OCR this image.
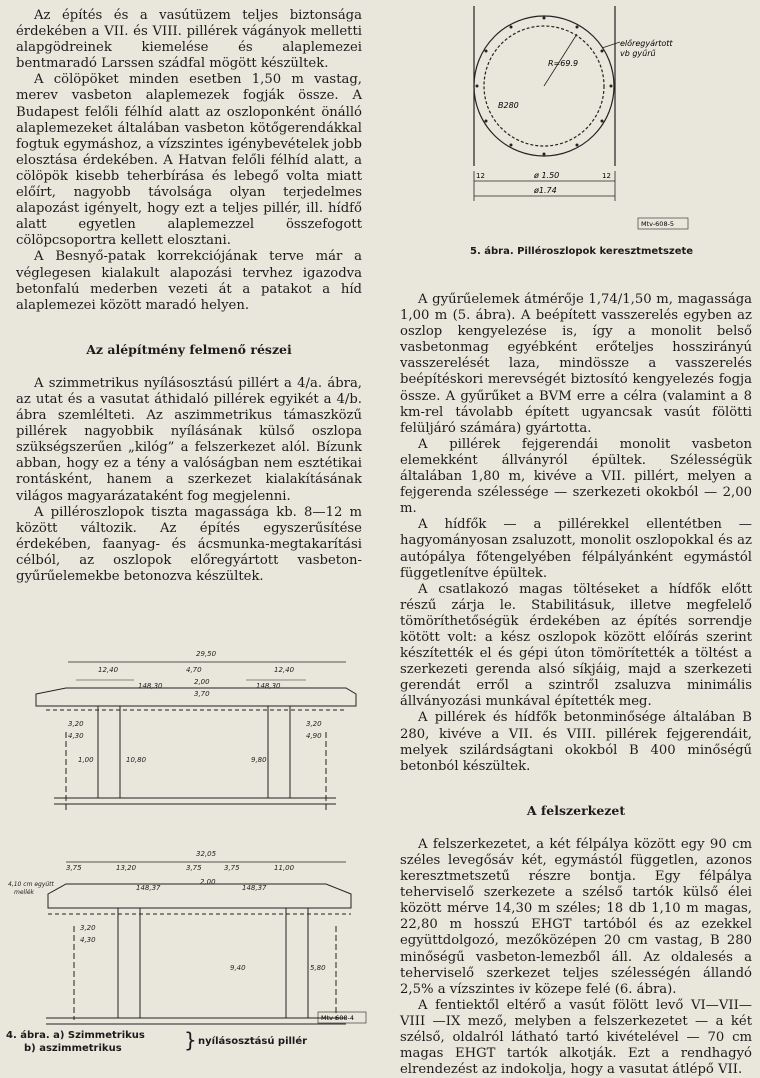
Az építés és a vasútüzem teljes biztonsága érdekében a VII. és VIII. pillérek vágányok melletti alapgödreinek kiemelése és alaplemezei bentmaradó Larssen szádfal mögött készültek.

A cölöpöket minden esetben 1,50 m vastag, merev vasbeton alaplemezek fogják össze. A Budapest felőli félhíd alatt az oszloponként önálló alaplemezeket általában vasbeton kötőgerendákkal fogtuk egymáshoz, a vízszintes igénybevételek jobb elosztása érdekében. A Hatvan felőli félhíd alatt, a cölöpök kisebb teherbírása és lebegő volta miatt előírt, nagyobb távolsága olyan terjedelmes alapozást igényelt, hogy ezt a teljes pillér, ill. hídfő alatt egyetlen alaplemezzel összefogott cölöpcsoportra kellett elosztani.

A Besnyő-patak korrekciójának terve már a véglegesen kialakult alapozási tervhez igazodva betonfalú mederben vezeti át a patakot a híd alaplemezei között maradó helyen.

Az alépítmény felmenő részei

A szimmetrikus nyílásosztású pillért a 4/a. ábra, az utat és a vasutat áthidaló pillérek egyikét a 4/b. ábra szemlélteti. Az aszimmetrikus támaszközű pillérek nagyobbik nyílásának külső oszlopa szükségszerűen „kilóg” a felszerkezet alól. Bízunk abban, hogy ez a tény a valóságban nem esztétikai rontásként, hanem a szerkezet kialakításának világos magyarázataként fog megjelenni.

A pilléroszlopok tiszta magassága kb. 8—12 m között változik. Az építés egyszerűsítése érdekében, faanyag- és ácsmunka-megtakarítási célból, az oszlopok előregyártott vasbeton-gyűrűelemekbe betonozva készültek.

előregyártott
vb gyűrű
R=69.9
B280
ø 1.50
ø1.74
12	12
Mtv-608-5
5. ábra. Pilléroszlopok keresztmetszete

A gyűrűelemek átmérője 1,74/1,50 m, magassága 1,00 m (5. ábra). A beépített vasszerelés egyben az oszlop kengyelezése is, így a monolit belső vasbetonmag egyébként erőteljes hosszirányú vasszerelését laza, mindössze a vasszerelés beépítéskori merevségét biztosító kengyelezés fogja össze. A gyűrűket a BVM erre a célra (valamint a 8 km-rel távolabb épített ugyancsak vasút fölötti felüljáró számára) gyártotta.

A pillérek fejgerendái monolit vasbeton elemekként állványról épültek. Szélességük általában 1,80 m, kivéve a VII. pillért, melyen a fejgerenda szélessége — szerkezeti okokból — 2,00 m.

A hídfők — a pillérekkel ellentétben — hagyományosan zsaluzott, monolit oszlopokkal és az autópálya főtengelyében félpályánként egymástól függetlenítve épültek.

A csatlakozó magas töltéseket a hídfők előtt részű zárja le. Stabilitásuk, illetve megfelelő tömöríthetőségük érdekében az építés sorrendje kötött volt: a kész oszlopok között előírás szerint készítették el és gépi úton tömörítették a töltést a szerkezeti gerenda alsó síkjáig, majd a szerkezeti gerendát erről a szintről zsaluzva minimális állványozási munkával építették meg.

A pillérek és hídfők betonminősége általában B 280, kivéve a VII. és VIII. pillérek fejgerendáit, melyek szilárdságtani okokból B 400 minőségű betonból készültek.

A felszerkezet

A felszerkezetet, a két félpálya között egy 90 cm széles levegősáv két, egymástól független, azonos keresztmetszetű részre bontja. Egy félpálya teherviselő szerkezete a szélső tartók külső élei között mérve 14,30 m széles; 18 db 1,10 m magas, 22,80 m hosszú EHGT tartóból és az ezekkel együttdolgozó, mezőközépen 20 cm vastag, B 280 minőségű vasbeton-lemezből áll. Az oldalesés a teherviselő szerkezet teljes szélességén állandó 2,5% a vízszintes iv közepe felé (6. ábra).

A fentiektől eltérő a vasút fölött levő VI—VII—VIII —IX mező, melyben a felszerkezetet — a két szélső, oldalról látható tartó kivételével — 70 cm magas EHGT tartók alkotják. Ezt a rendhagyó elrendezést az indokolja, hogy a vasutat átlépő VII.

29,50
12,40	4,70
2,00
3,70
12,40
148,30	148,30
3,20
4,30
3,20
4,90
1,00	10,80	9,80
32,05
13,20
3,75	3,75
2,00
3,75	11,00
148,37	148,37
3,20
4,30
9,40	5,80
4,10 cm együtt
mellék
Mtv-608-4
4. ábra. a) Szimmetrikus
b) aszimmetrikus	} nyílásosztású pillér
